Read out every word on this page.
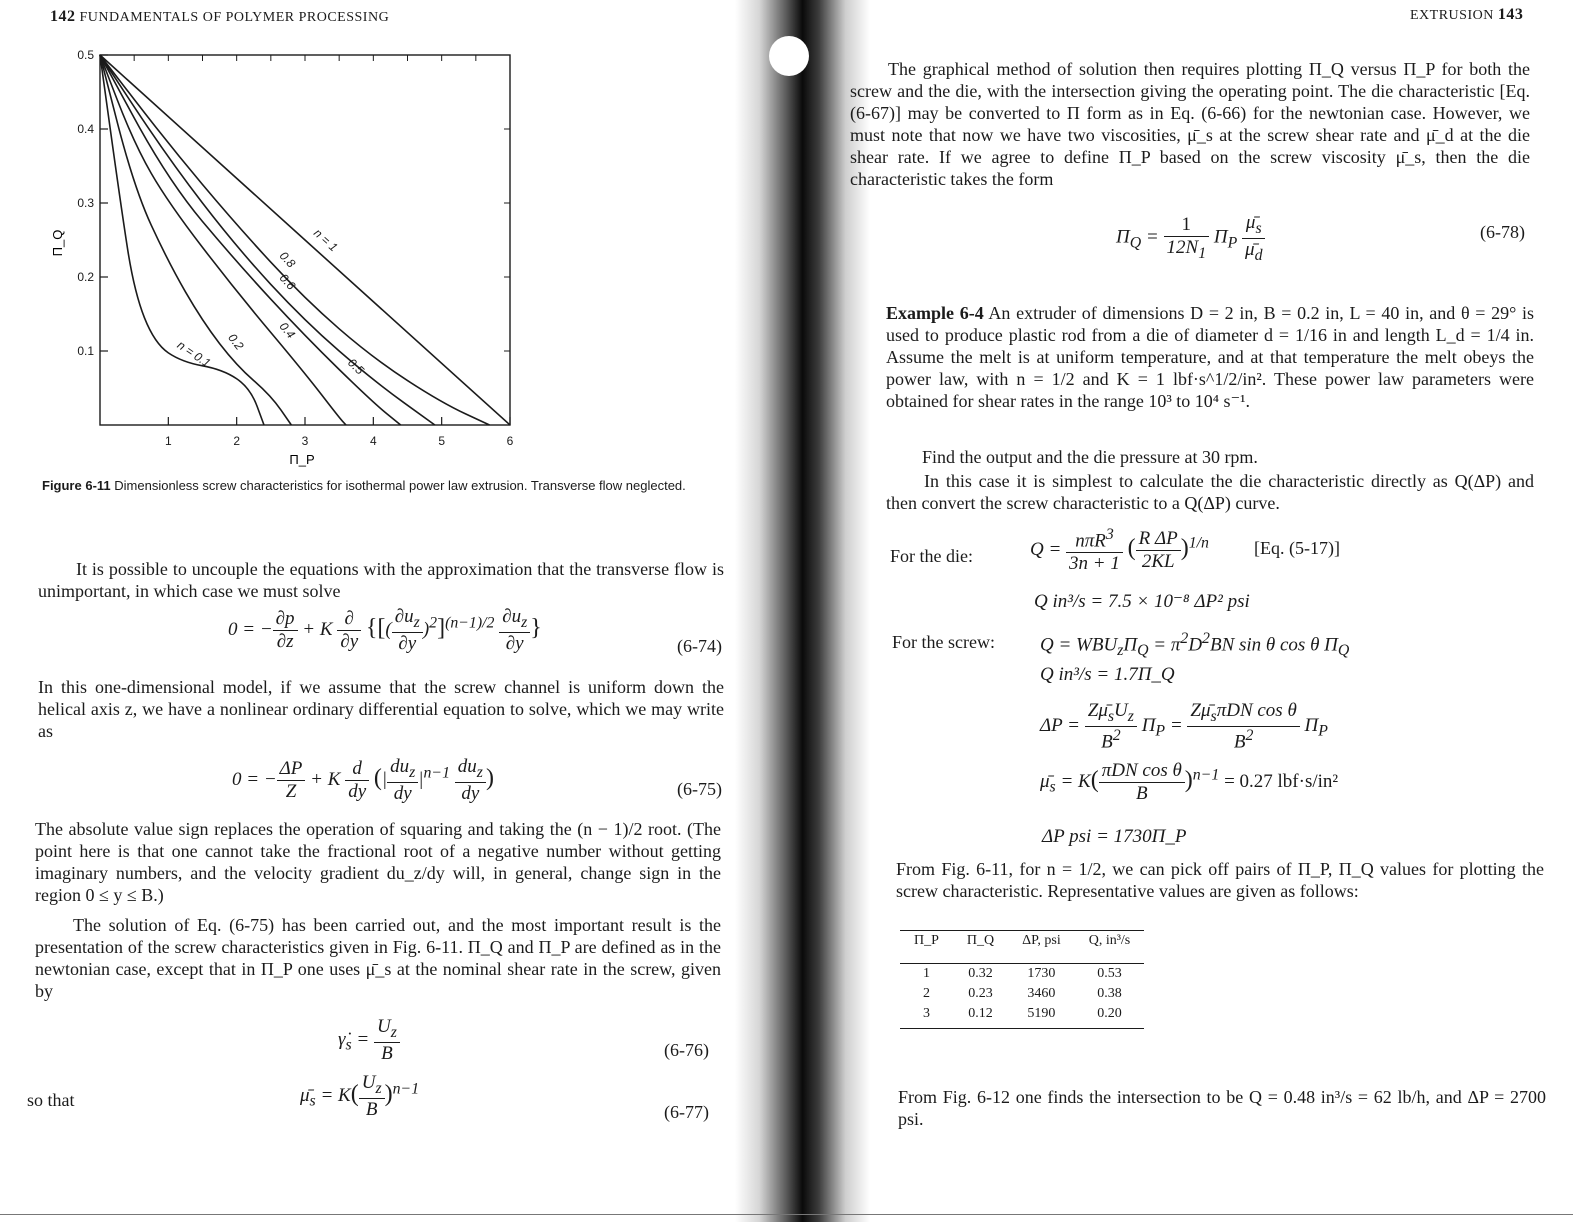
142 FUNDAMENTALS OF POLYMER PROCESSING
1	2	3	4	5	6
0.1
0.2
0.3
0.4
0.5
n = 1
0.8
0.6
0.5
0.4
0.2
n = 0.1
Π_P
Π_Q
Figure 6-11 Dimensionless screw characteristics for isothermal power law extrusion. Transverse flow neglected.
It is possible to uncouple the equations with the approximation that the transverse flow is unimportant, in which case we must solve
0 = − $\frac{\partial p}{\partial z} + K \frac{\partial}{\partial y}$ {[( $\frac{\partial u_z}{\partial y} )^2]^{(n-1)/2} \frac{\partial u_z}{\partial y}$ }
(6-74)
In this one-dimensional model, if we assume that the screw channel is uniform down the helical axis z, we have a nonlinear ordinary differential equation to solve, which we may write as
0 = − $\frac{\Delta P}{Z} + K \frac{d}{dy}$ (| $\frac{du_z}{dy} |^{n-1} \frac{du_z}{dy}$ )	(6-75)
The absolute value sign replaces the operation of squaring and taking the (n − 1)/2 root. (The point here is that one cannot take the fractional root of a negative number without getting imaginary numbers, and the velocity gradient du_z/dy will, in general, change sign in the region 0 ≤ y ≤ B.)
The solution of Eq. (6-75) has been carried out, and the most important result is the presentation of the screw characteristics given in Fig. 6-11. Π_Q and Π_P are defined as in the newtonian case, except that in Π_P one uses μ̄_s at the nominal shear rate in the screw, given by
$\gammȧ_s = \frac{U_z}{B}$	(6-76)
so that	$\mū_s = K( \frac{U_z}{B} )^{n-1}$
(6-77)
EXTRUSION 143
The graphical method of solution then requires plotting Π_Q versus Π_P for both the screw and the die, with the intersection giving the operating point. The die characteristic [Eq. (6-67)] may be converted to Π form as in Eq. (6-66) for the newtonian case. However, we must note that now we have two viscosities, μ̄_s at the screw shear rate and μ̄_d at the die shear rate. If we agree to define Π_P based on the screw viscosity μ̄_s, then the die characteristic takes the form
$\Pi_Q = \frac{1}{12N_1} \Pi_P \frac{\mū_s}{\mū_d}$	(6-78)
Example 6-4 An extruder of dimensions D = 2 in, B = 0.2 in, L = 40 in, and θ = 29° is used to produce plastic rod from a die of diameter d = 1/16 in and length L_d = 1/4 in. Assume the melt is at uniform temperature, and at that temperature the melt obeys the power law, with n = 1/2 and K = 1 lbf·s^1/2/in². These power law parameters were obtained for shear rates in the range 10³ to 10⁴ s⁻¹.
Find the output and the die pressure at 30 rpm.
In this case it is simplest to calculate the die characteristic directly as Q(ΔP) and then convert the screw characteristic to a Q(ΔP) curve.
For the die:	$Q = \frac{n\pi R^3}{3n + 1}$ ( $\frac{\text{R ΔP}}{2KL} )^{1/n}$	[Eq. (5-17)]
Q in³/s = 7.5 × 10⁻⁸ ΔP² psi
For the screw: $Q = WBU_z\Pi_Q = \pi^2D^2BN$ sin θ cos θ $\Pi_Q$
Q in³/s = 1.7Π_Q
$\Delta P = \frac{Z\mū_sU_z}{B^2} \Pi_P = \frac{Z\mū_s\pi DN \cos \theta}{B^2} \Pi_P$
$\mū_s = K( \frac{\text{πDN cos θ}}{B} )^{n-1} = 0.27$ lbf·s/in²
ΔP psi = 1730Π_P
From Fig. 6-11, for n = 1/2, we can pick off pairs of Π_P, Π_Q values for plotting the screw characteristic. Representative values are given as follows:
Π_P	Π_Q	ΔP, psi	Q, in³/s

1	0.32	1730	0.53
2	0.23	3460	0.38
3	0.12	5190	0.20
From Fig. 6-12 one finds the intersection to be Q = 0.48 in³/s = 62 lb/h, and ΔP = 2700 psi.
